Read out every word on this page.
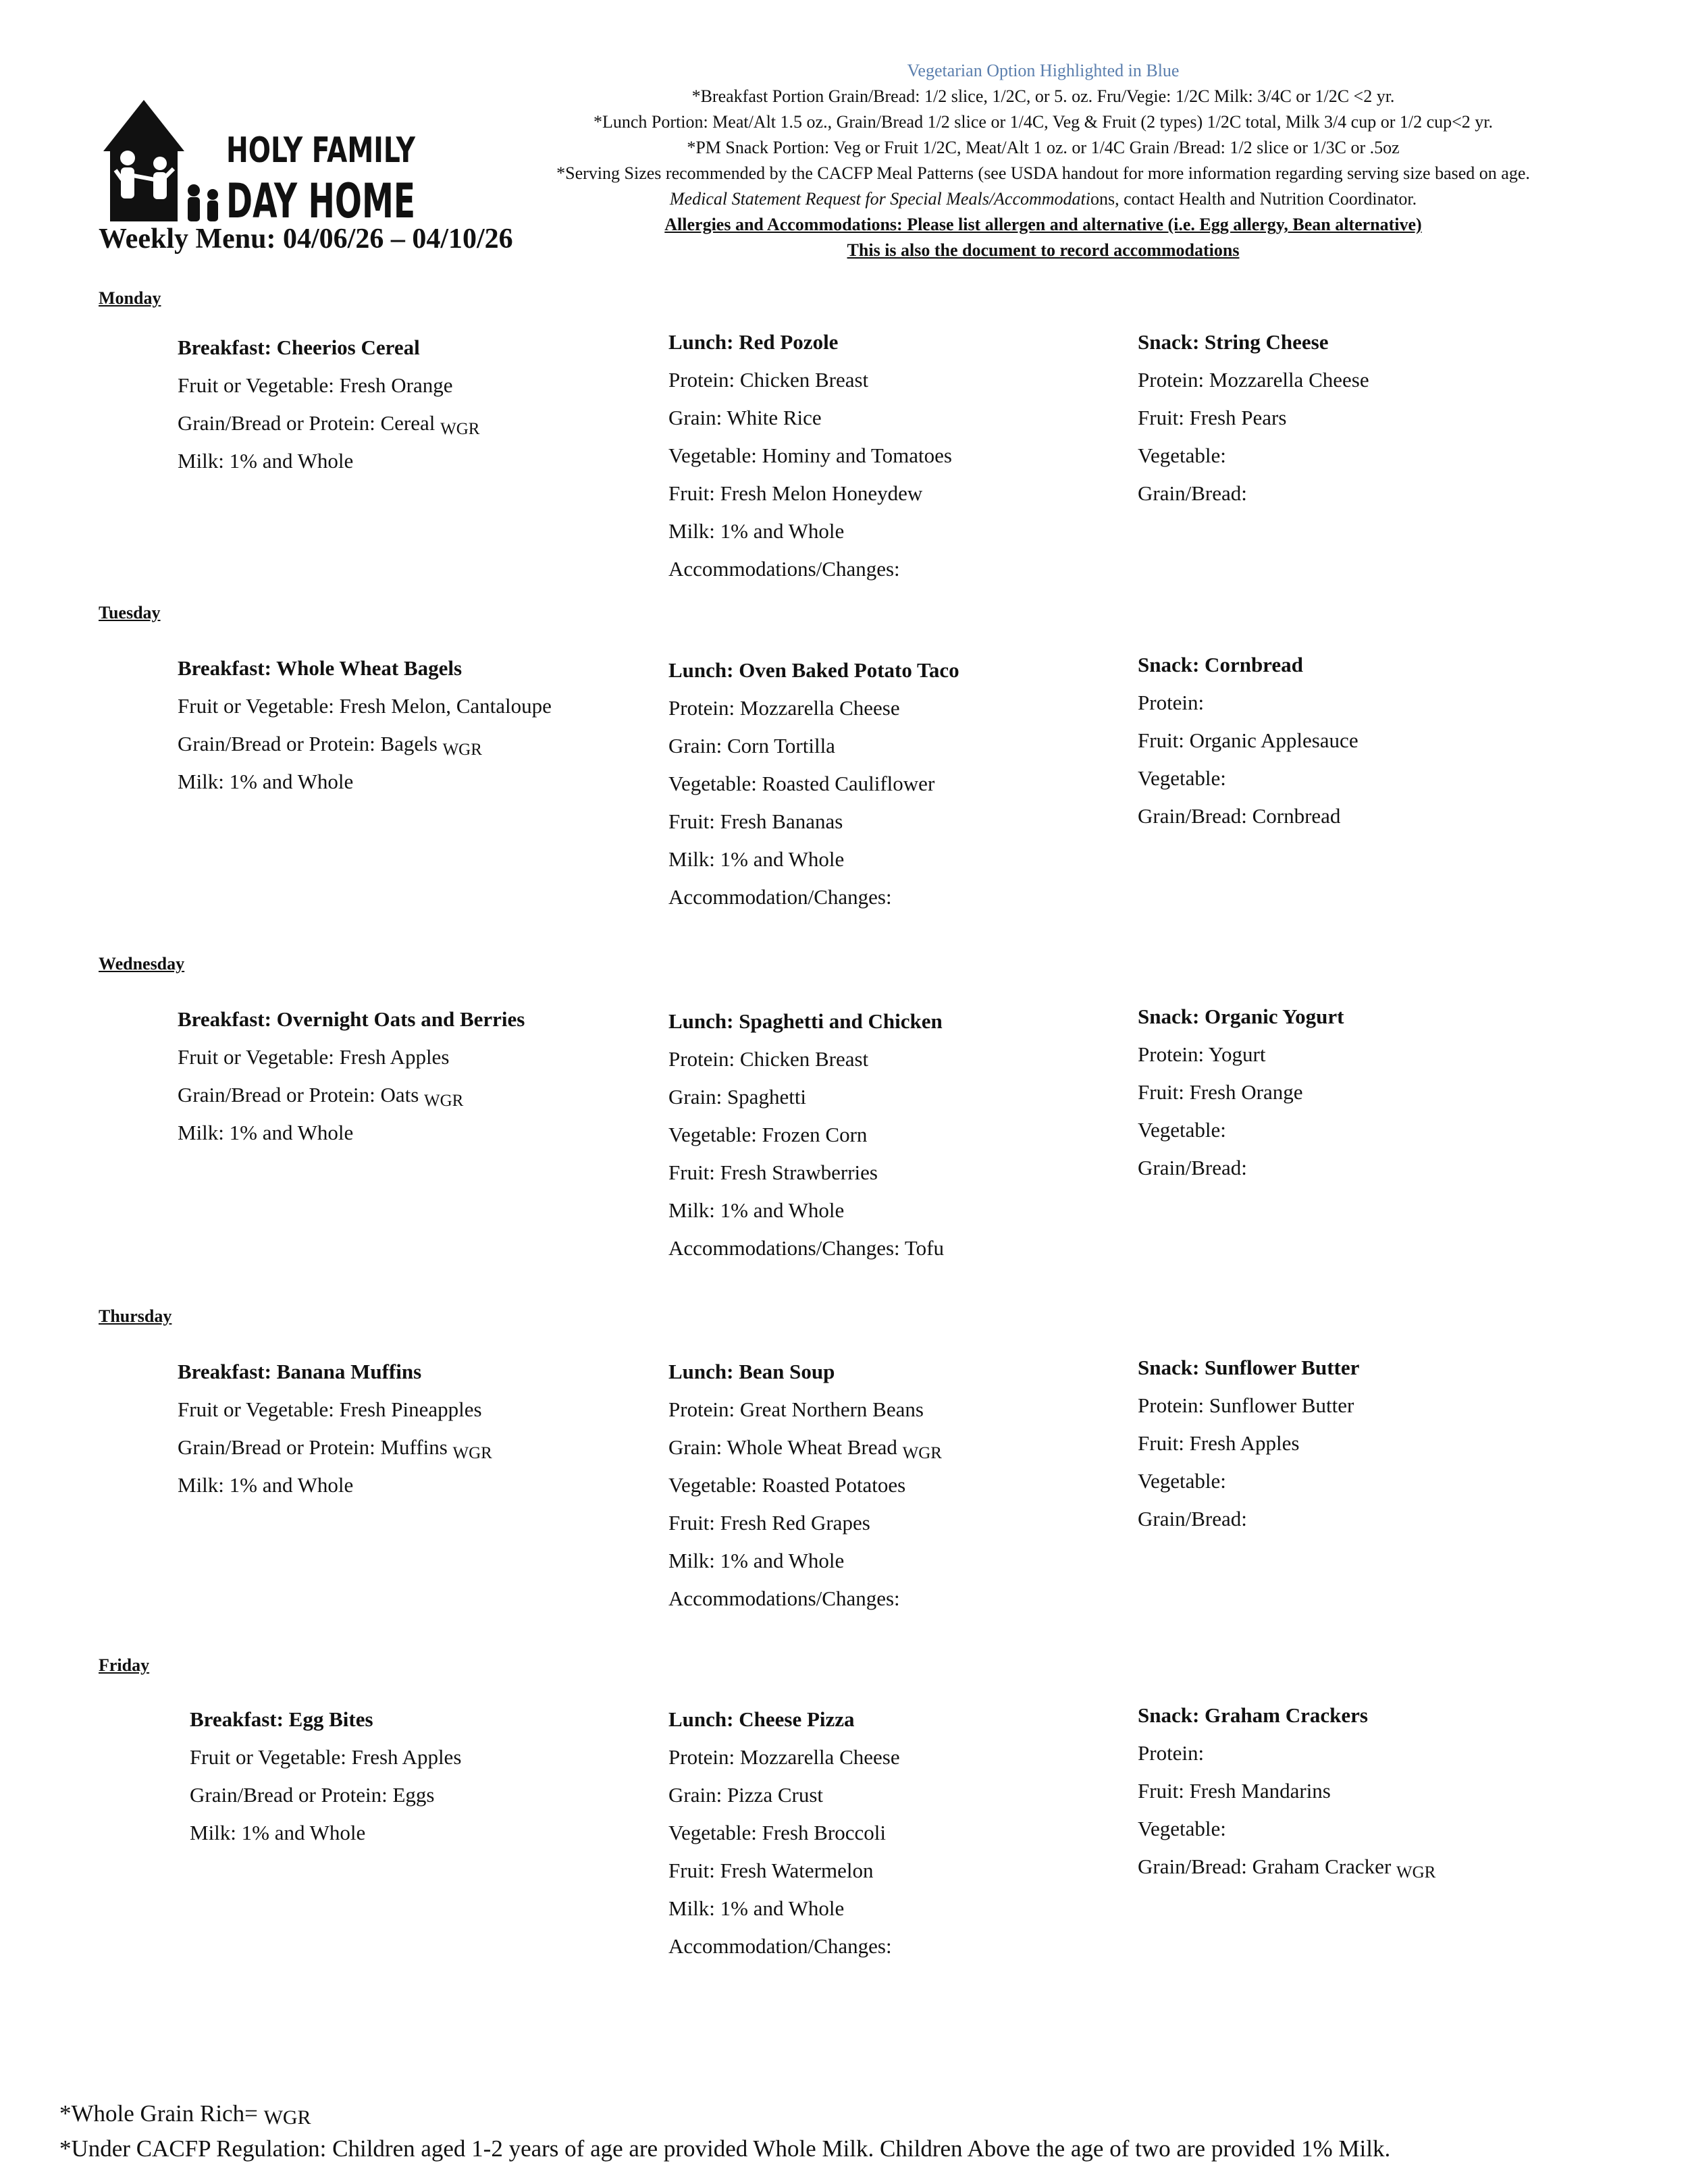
HOLY FAMILY
DAY HOME
Weekly Menu: 04/06/26 – 04/10/26
Vegetarian Option Highlighted in Blue
*Breakfast Portion Grain/Bread: 1/2 slice, 1/2C, or 5. oz. Fru/Vegie: 1/2C Milk: 3/4C or 1/2C <2 yr.
*Lunch Portion: Meat/Alt 1.5 oz., Grain/Bread 1/2 slice or 1/4C, Veg & Fruit (2 types) 1/2C total, Milk 3/4 cup or 1/2 cup<2 yr.
*PM Snack Portion: Veg or Fruit 1/2C, Meat/Alt 1 oz. or 1/4C Grain /Bread: 1/2 slice or 1/3C or .5oz
*Serving Sizes recommended by the CACFP Meal Patterns (see USDA handout for more information regarding serving size based on age. Medical Statement Request for Special Meals/Accommodations, contact Health and Nutrition Coordinator.
Allergies and Accommodations: Please list allergen and alternative (i.e. Egg allergy, Bean alternative)
This is also the document to record accommodations
Monday
Breakfast: Cheerios Cereal
Fruit or Vegetable: Fresh Orange
Grain/Bread or Protein: Cereal WGR
Milk: 1% and Whole
Lunch: Red Pozole
Protein: Chicken Breast
Grain: White Rice
Vegetable: Hominy and Tomatoes
Fruit: Fresh Melon Honeydew
Milk: 1% and Whole
Accommodations/Changes:
Snack: String Cheese
Protein: Mozzarella Cheese
Fruit: Fresh Pears
Vegetable:
Grain/Bread:
Tuesday
Breakfast: Whole Wheat Bagels
Fruit or Vegetable: Fresh Melon, Cantaloupe
Grain/Bread or Protein: Bagels WGR
Milk: 1% and Whole
Lunch: Oven Baked Potato Taco
Protein: Mozzarella Cheese
Grain: Corn Tortilla
Vegetable: Roasted Cauliflower
Fruit: Fresh Bananas
Milk: 1% and Whole
Accommodation/Changes:
Snack: Cornbread
Protein:
Fruit: Organic Applesauce
Vegetable:
Grain/Bread: Cornbread
Wednesday
Breakfast: Overnight Oats and Berries
Fruit or Vegetable: Fresh Apples
Grain/Bread or Protein: Oats WGR
Milk: 1% and Whole
Lunch: Spaghetti and Chicken
Protein: Chicken Breast
Grain: Spaghetti
Vegetable: Frozen Corn
Fruit: Fresh Strawberries
Milk: 1% and Whole
Accommodations/Changes: Tofu
Snack: Organic Yogurt
Protein: Yogurt
Fruit: Fresh Orange
Vegetable:
Grain/Bread:
Thursday
Breakfast: Banana Muffins
Fruit or Vegetable: Fresh Pineapples
Grain/Bread or Protein: Muffins WGR
Milk: 1% and Whole
Lunch: Bean Soup
Protein: Great Northern Beans
Grain: Whole Wheat Bread WGR
Vegetable: Roasted Potatoes
Fruit: Fresh Red Grapes
Milk: 1% and Whole
Accommodations/Changes:
Snack: Sunflower Butter
Protein: Sunflower Butter
Fruit: Fresh Apples
Vegetable:
Grain/Bread:
Friday
Breakfast: Egg Bites
Fruit or Vegetable: Fresh Apples
Grain/Bread or Protein: Eggs
Milk: 1% and Whole
Lunch: Cheese Pizza
Protein: Mozzarella Cheese
Grain: Pizza Crust
Vegetable: Fresh Broccoli
Fruit: Fresh Watermelon
Milk: 1% and Whole
Accommodation/Changes:
Snack: Graham Crackers
Protein:
Fruit: Fresh Mandarins
Vegetable:
Grain/Bread: Graham Cracker WGR
*Whole Grain Rich= WGR
*Under CACFP Regulation: Children aged 1-2 years of age are provided Whole Milk. Children Above the age of two are provided 1% Milk.
